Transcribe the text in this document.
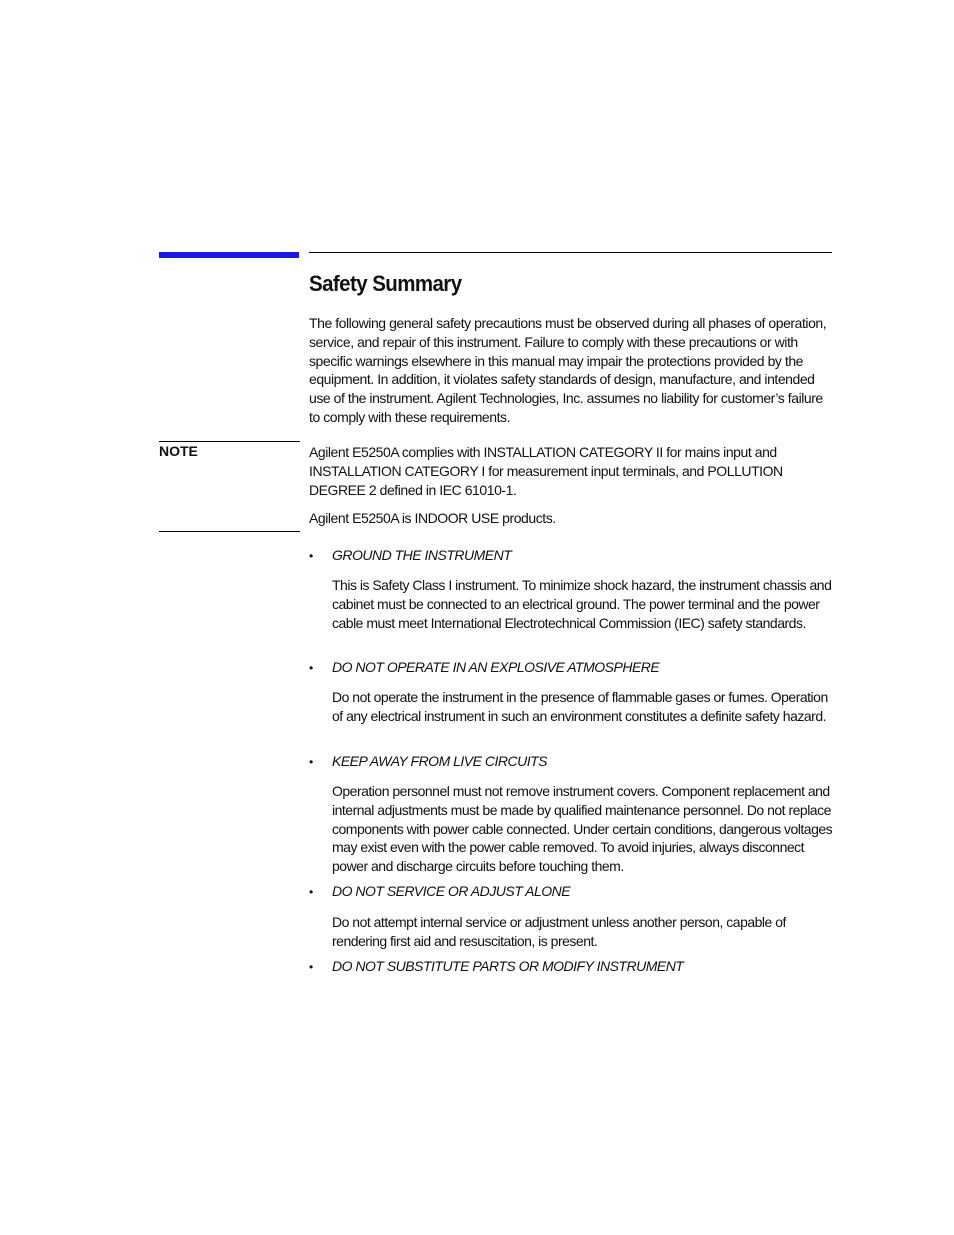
Safety Summary

The following general safety precautions must be observed during all phases of operation, service, and repair of this instrument. Failure to comply with these precautions or with specific warnings elsewhere in this manual may impair the protections provided by the equipment. In addition, it violates safety standards of design, manufacture, and intended use of the instrument. Agilent Technologies, Inc. assumes no liability for customer’s failure to comply with these requirements.

NOTE	Agilent E5250A complies with INSTALLATION CATEGORY II for mains input and INSTALLATION CATEGORY I for measurement input terminals, and POLLUTION DEGREE 2 defined in IEC 61010-1.

Agilent E5250A is INDOOR USE products.

• GROUND THE INSTRUMENT

This is Safety Class I instrument. To minimize shock hazard, the instrument chassis and cabinet must be connected to an electrical ground. The power terminal and the power cable must meet International Electrotechnical Commission (IEC) safety standards.

• DO NOT OPERATE IN AN EXPLOSIVE ATMOSPHERE

Do not operate the instrument in the presence of flammable gases or fumes. Operation of any electrical instrument in such an environment constitutes a definite safety hazard.

• KEEP AWAY FROM LIVE CIRCUITS

Operation personnel must not remove instrument covers. Component replacement and internal adjustments must be made by qualified maintenance personnel. Do not replace components with power cable connected. Under certain conditions, dangerous voltages may exist even with the power cable removed. To avoid injuries, always disconnect power and discharge circuits before touching them.

• DO NOT SERVICE OR ADJUST ALONE

Do not attempt internal service or adjustment unless another person, capable of rendering first aid and resuscitation, is present.

• DO NOT SUBSTITUTE PARTS OR MODIFY INSTRUMENT
